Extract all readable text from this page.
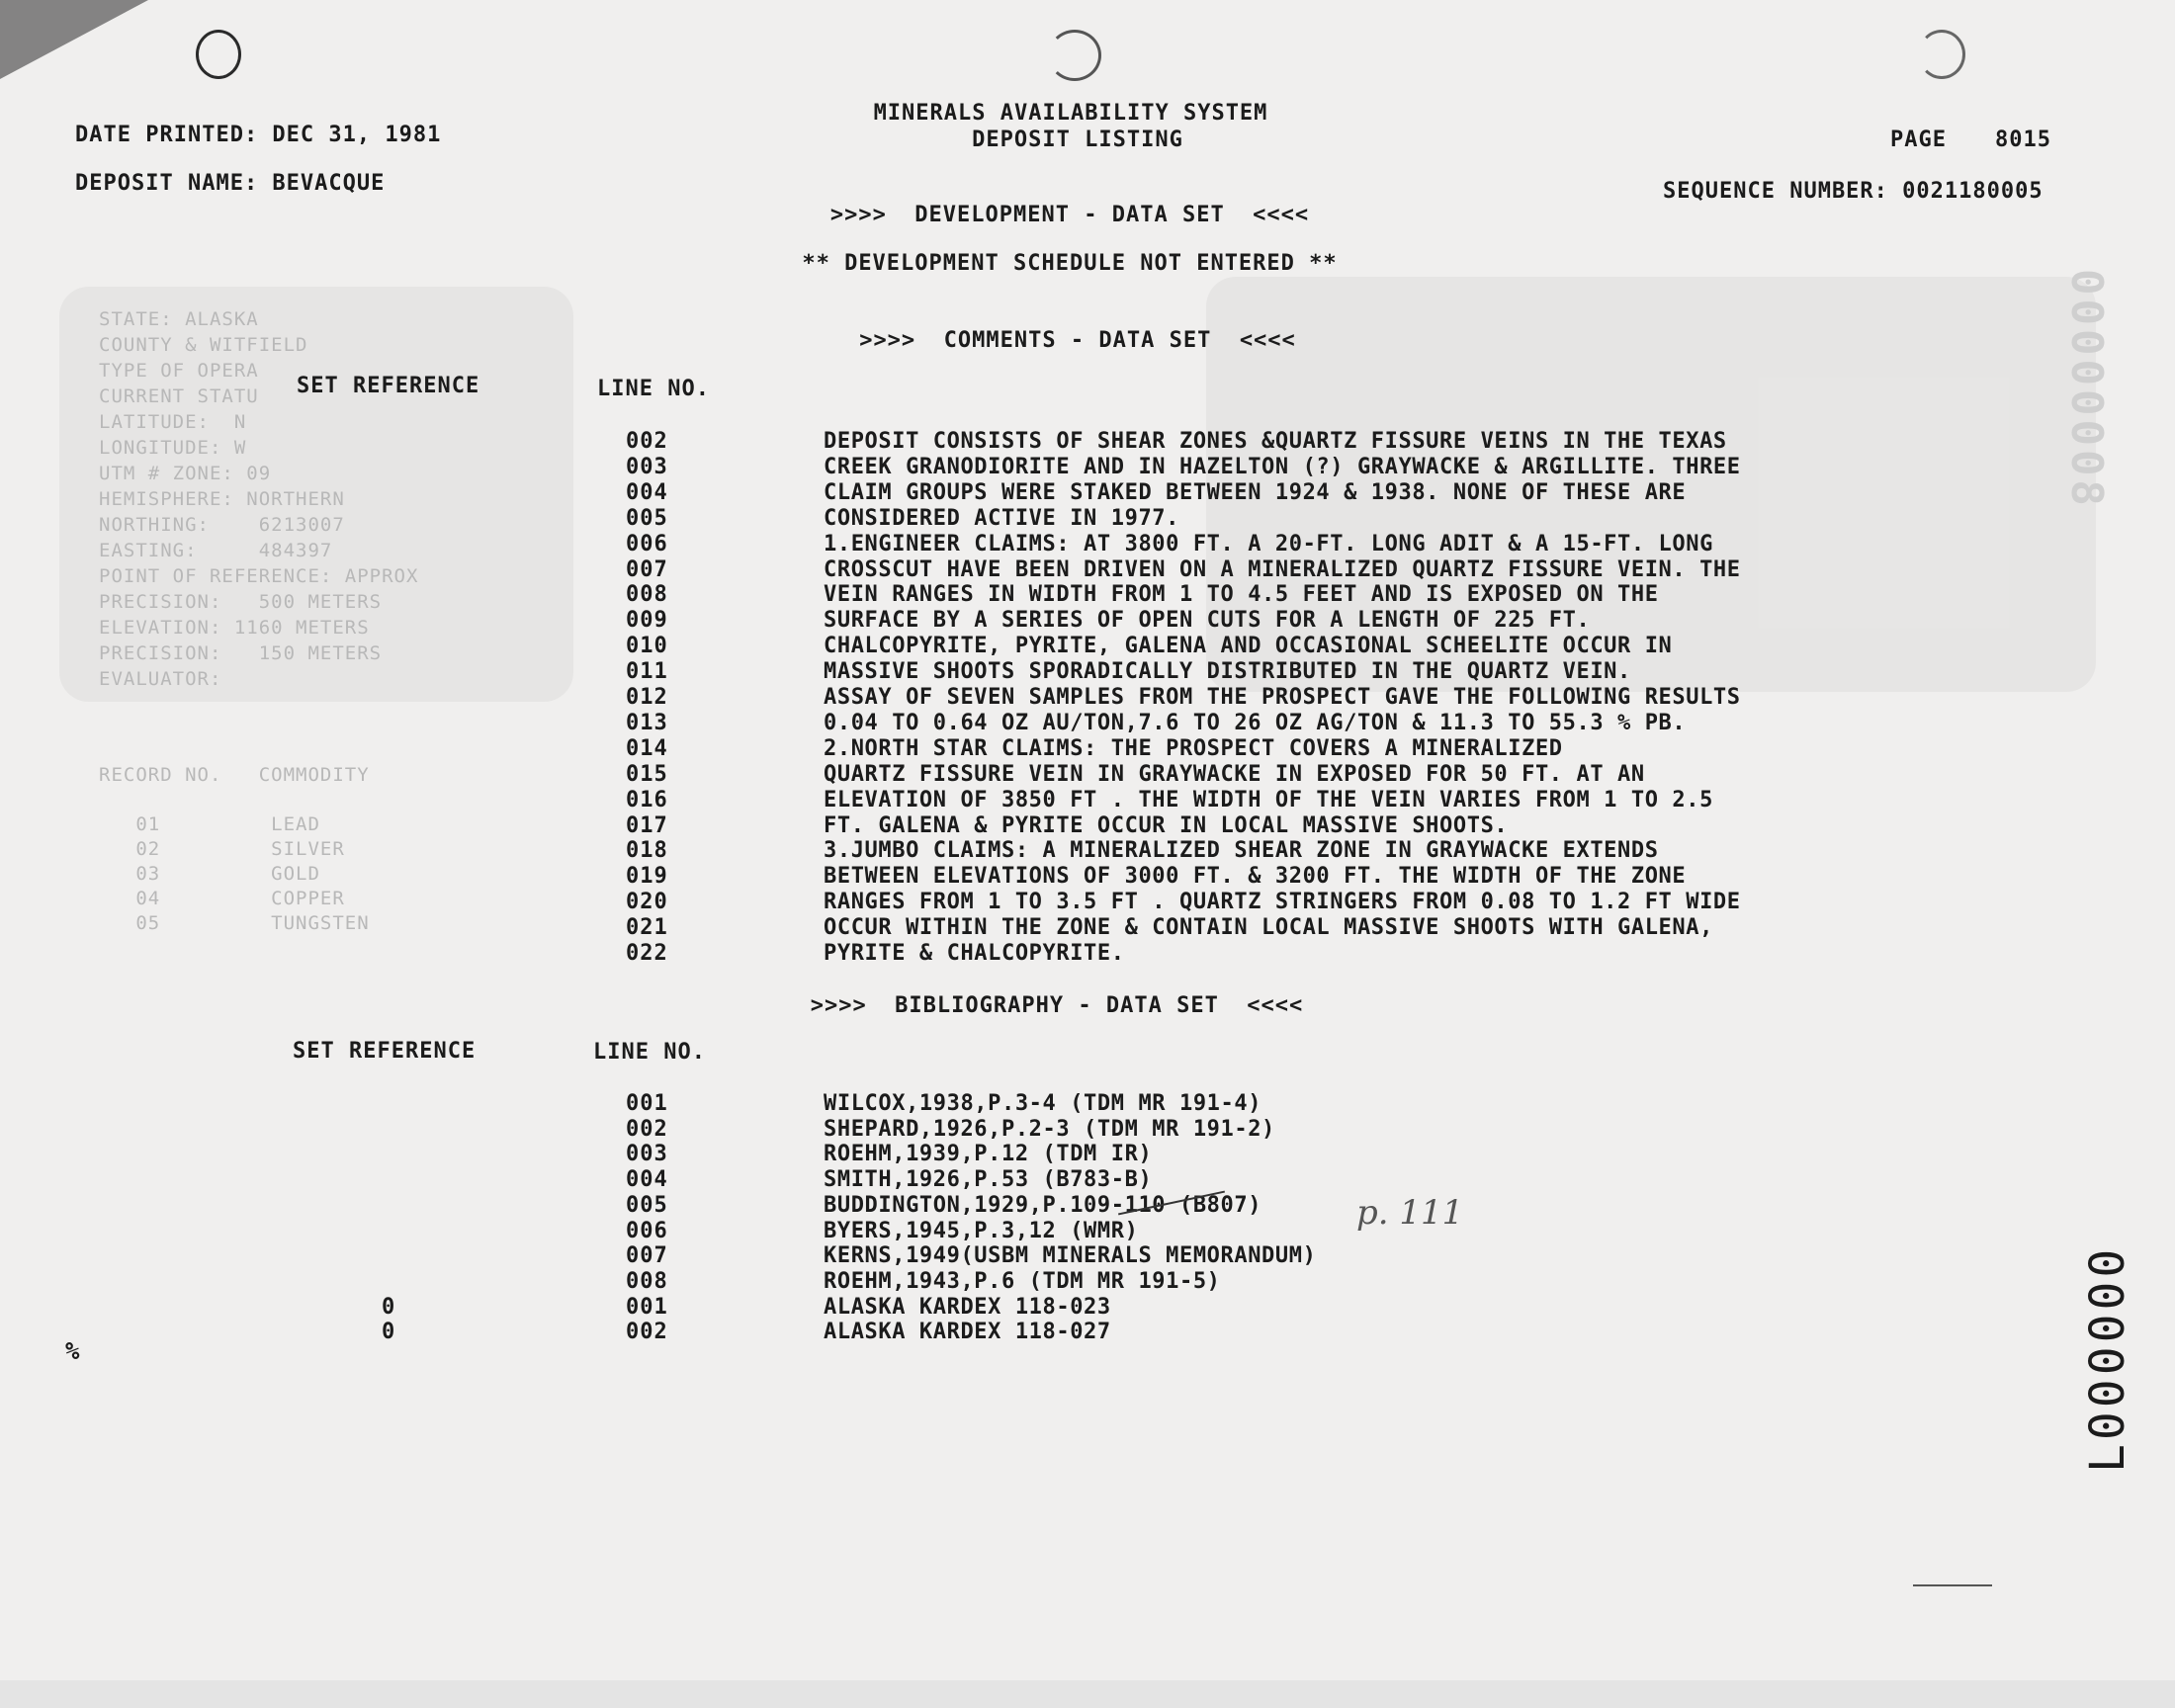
STATE: ALASKA
COUNTY & WITFIELD
TYPE OF OPERA
CURRENT STATU
LATITUDE:  N
LONGITUDE: W
UTM # ZONE: 09
HEMISPHERE: NORTHERN
NORTHING:    6213007
EASTING:     484397
POINT OF REFERENCE: APPROX
PRECISION:   500 METERS
ELEVATION: 1160 METERS
PRECISION:   150 METERS
EVALUATOR:
RECORD NO.   COMMODITY

01         LEAD
02         SILVER
03         GOLD
04         COPPER
05         TUNGSTEN
MINERALS AVAILABILITY SYSTEM
DEPOSIT LISTING
DATE PRINTED: DEC 31, 1981
DEPOSIT NAME: BEVACQUE
PAGE 8015
SEQUENCE NUMBER: 0021180005
>>>>  DEVELOPMENT - DATA SET  <<<<
** DEVELOPMENT SCHEDULE NOT ENTERED **
>>>>  COMMENTS - DATA SET  <<<<
SET REFERENCE	LINE NO.
002	DEPOSIT CONSISTS OF SHEAR ZONES &QUARTZ FISSURE VEINS IN THE TEXAS
003	CREEK GRANODIORITE AND IN HAZELTON (?) GRAYWACKE & ARGILLITE. THREE
004	CLAIM GROUPS WERE STAKED BETWEEN 1924 & 1938. NONE OF THESE ARE
005	CONSIDERED ACTIVE IN 1977.
006	1.ENGINEER CLAIMS: AT 3800 FT. A 20-FT. LONG ADIT & A 15-FT. LONG
007	CROSSCUT HAVE BEEN DRIVEN ON A MINERALIZED QUARTZ FISSURE VEIN. THE
008	VEIN RANGES IN WIDTH FROM 1 TO 4.5 FEET AND IS EXPOSED ON THE
009	SURFACE BY A SERIES OF OPEN CUTS FOR A LENGTH OF 225 FT.
010	CHALCOPYRITE, PYRITE, GALENA AND OCCASIONAL SCHEELITE OCCUR IN
011	MASSIVE SHOOTS SPORADICALLY DISTRIBUTED IN THE QUARTZ VEIN.
012	ASSAY OF SEVEN SAMPLES FROM THE PROSPECT GAVE THE FOLLOWING RESULTS
013	0.04 TO 0.64 OZ AU/TON,7.6 TO 26 OZ AG/TON & 11.3 TO 55.3 % PB.
014	2.NORTH STAR CLAIMS: THE PROSPECT COVERS A MINERALIZED
015	QUARTZ FISSURE VEIN IN GRAYWACKE IN EXPOSED FOR 50 FT. AT AN
016	ELEVATION OF 3850 FT . THE WIDTH OF THE VEIN VARIES FROM 1 TO 2.5
017	FT. GALENA & PYRITE OCCUR IN LOCAL MASSIVE SHOOTS.
018	3.JUMBO CLAIMS: A MINERALIZED SHEAR ZONE IN GRAYWACKE EXTENDS
019	BETWEEN ELEVATIONS OF 3000 FT. & 3200 FT. THE WIDTH OF THE ZONE
020	RANGES FROM 1 TO 3.5 FT . QUARTZ STRINGERS FROM 0.08 TO 1.2 FT WIDE
021	OCCUR WITHIN THE ZONE & CONTAIN LOCAL MASSIVE SHOOTS WITH GALENA,
022	PYRITE & CHALCOPYRITE.
>>>>  BIBLIOGRAPHY - DATA SET  <<<<
SET REFERENCE	LINE NO.
001	WILCOX,1938,P.3-4 (TDM MR 191-4)
002	SHEPARD,1926,P.2-3 (TDM MR 191-2)
003	ROEHM,1939,P.12 (TDM IR)
004	SMITH,1926,P.53 (B783-B)
005	BUDDINGTON,1929,P.109-110 (B807)
006	BYERS,1945,P.3,12 (WMR)
007	KERNS,1949(USBM MINERALS MEMORANDUM)
008	ROEHM,1943,P.6 (TDM MR 191-5)
0	001	ALASKA KARDEX 118-023
0	002	ALASKA KARDEX 118-027
p. 111
%
00000008
L000000
